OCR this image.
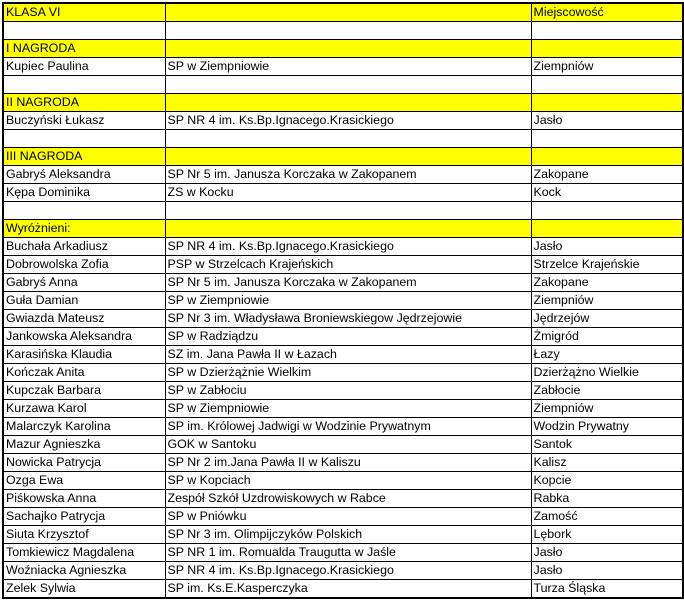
KLASA VI		Miejscowość

I NAGRODA		
Kupiec Paulina	SP w Ziempniowie	Ziempniów

II NAGRODA		
Buczyński Łukasz	SP NR 4 im. Ks.Bp.Ignacego.Krasickiego	Jasło

III NAGRODA		
Gabryś Aleksandra	SP Nr 5 im. Janusza Korczaka w Zakopanem	Zakopane
Kępa Dominika	ZS w Kocku	Kock

Wyróżnieni:		
Buchała Arkadiusz	SP NR 4 im. Ks.Bp.Ignacego.Krasickiego	Jasło
Dobrowolska Zofia	PSP w Strzelcach Krajeńskich	Strzelce Krajeńskie
Gabryś Anna	SP Nr 5 im. Janusza Korczaka w Zakopanem	Zakopane
Guła Damian	SP w Ziempniowie	Ziempniów
Gwiazda Mateusz	SP Nr 3 im. Władysława Broniewskiegow Jędrzejowie	Jędrzejów
Jankowska Aleksandra	SP w Radziądzu	Żmigród
Karasińska Klaudia	SZ im. Jana Pawła II w Łazach	Łazy
Kończak Anita	SP w Dzierżążnie Wielkim	Dzierżążno Wielkie
Kupczak Barbara	SP w Zabłociu	Zabłocie
Kurzawa Karol	SP w Ziempniowie	Ziempniów
Malarczyk Karolina	SP im. Królowej Jadwigi w Wodzinie Prywatnym	Wodzin Prywatny
Mazur Agnieszka	GOK w Santoku	Santok
Nowicka Patrycja	SP Nr 2 im.Jana Pawła II w Kaliszu	Kalisz
Ozga Ewa	SP w Kopciach	Kopcie
Piśkowska Anna	Zespół Szkół Uzdrowiskowych w Rabce	Rabka
Sachajko Patrycja	SP w Pniówku	Zamość
Siuta Krzysztof	SP Nr 3 im. Olimpijczyków Polskich	Lębork
Tomkiewicz Magdalena	SP NR 1 im. Romualda Traugutta w Jaśle	Jasło
Woźniacka Agnieszka	SP NR 4 im. Ks.Bp.Ignacego.Krasickiego	Jasło
Zelek Sylwia	SP im. Ks.E.Kasperczyka	Turza Śląska
